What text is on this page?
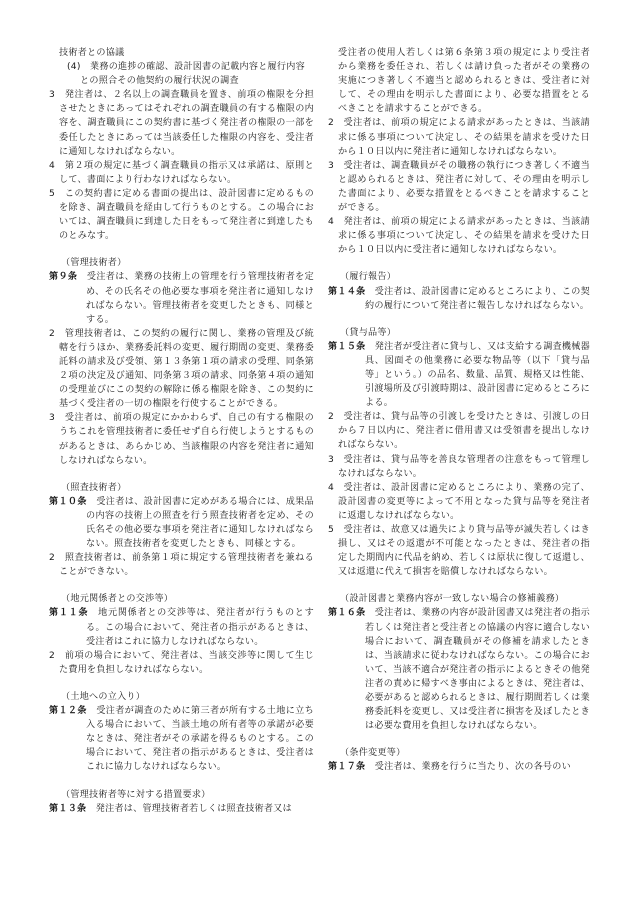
技術者との協議

(4)　 業務の進捗の確認、設計図書の記載内容と履行内容

との照合その他契約の履行状況の調査

3　発注者は、２名以上の調査職員を置き、前項の権限を分担させたときにあってはそれぞれの調査職員の有する権限の内容を、調査職員にこの契約書に基づく発注者の権限の一部を委任したときにあっては当該委任した権限の内容を、受注者に通知しなければならない。

4　第２項の規定に基づく調査職員の指示又は承諾は、原則として、書面により行わなければならない。

5　この契約書に定める書面の提出は、設計図書に定めるものを除き、調査職員を経由して行うものとする。この場合においては、調査職員に到達した日をもって発注者に到達したものとみなす。

（管理技術者）

第９条　受注者は、業務の技術上の管理を行う管理技術者を定め、その氏名その他必要な事項を発注者に通知しなければならない。管理技術者を変更したときも、同様とする。

2　管理技術者は、この契約の履行に関し、業務の管理及び統轄を行うほか、業務委託料の変更、履行期間の変更、業務委託料の請求及び受領、第１３条第１項の請求の受理、同条第２項の決定及び通知、同条第３項の請求、同条第４項の通知の受理並びにこの契約の解除に係る権限を除き、この契約に基づく受注者の一切の権限を行使することができる。

3　受注者は、前項の規定にかかわらず、自己の有する権限のうちこれを管理技術者に委任せず自ら行使しようとするものがあるときは、あらかじめ、当該権限の内容を発注者に通知しなければならない。

（照査技術者）

第１０条　受注者は、設計図書に定めがある場合には、成果品の内容の技術上の照査を行う照査技術者を定め、その氏名その他必要な事項を発注者に通知しなければならない。照査技術者を変更したときも、同様とする。

2　照査技術者は、前条第１項に規定する管理技術者を兼ねることができない。

（地元関係者との交渉等）

第１１条　地元関係者との交渉等は、発注者が行うものとする。この場合において、発注者の指示があるときは、受注者はこれに協力しなければならない。

2　前項の場合において、発注者は、当該交渉等に関して生じた費用を負担しなければならない。

（土地への立入り）

第１２条　受注者が調査のために第三者が所有する土地に立ち入る場合において、当該土地の所有者等の承諾が必要なときは、発注者がその承諾を得るものとする。この場合において、発注者の指示があるときは、受注者はこれに協力しなければならない。

（管理技術者等に対する措置要求）

第１３条　発注者は、管理技術者若しくは照査技術者又は

受注者の使用人若しくは第６条第３項の規定により受注者から業務を委任され、若しくは請け負った者がその業務の実施につき著しく不適当と認められるときは、受注者に対して、その理由を明示した書面により、必要な措置をとるべきことを請求することができる。

2　受注者は、前項の規定による請求があったときは、当該請求に係る事項について決定し、その結果を請求を受けた日から１０日以内に発注者に通知しなければならない。

3　受注者は、調査職員がその職務の執行につき著しく不適当と認められるときは、発注者に対して、その理由を明示した書面により、必要な措置をとるべきことを請求することができる。

4　発注者は、前項の規定による請求があったときは、当該請求に係る事項について決定し、その結果を請求を受けた日から１０日以内に受注者に通知しなければならない。

（履行報告）

第１４条　受注者は、設計図書に定めるところにより、この契約の履行について発注者に報告しなければならない。

（貸与品等）

第１５条　発注者が受注者に貸与し、又は支給する調査機械器具、図面その他業務に必要な物品等（以下「貸与品等」という。）の品名、数量、品質、規格又は性能、引渡場所及び引渡時期は、設計図書に定めるところによる。

2　受注者は、貸与品等の引渡しを受けたときは、引渡しの日から７日以内に、発注者に借用書又は受領書を提出しなければならない。

3　受注者は、貸与品等を善良な管理者の注意をもって管理しなければならない。

4　受注者は、設計図書に定めるところにより、業務の完了、設計図書の変更等によって不用となった貸与品等を発注者に返還しなければならない。

5　受注者は、故意又は過失により貸与品等が滅失若しくはき損し、又はその返還が不可能となったときは、発注者の指定した期間内に代品を納め、若しくは原状に復して返還し、又は返還に代えて損害を賠償しなければならない。

（設計図書と業務内容が一致しない場合の修補義務）

第１６条　受注者は、業務の内容が設計図書又は発注者の指示若しくは発注者と受注者との協議の内容に適合しない場合において、調査職員がその修補を請求したときは、当該請求に従わなければならない。この場合において、当該不適合が発注者の指示によるときその他発注者の責めに帰すべき事由によるときは、発注者は、必要があると認められるときは、履行期間若しくは業務委託料を変更し、又は受注者に損害を及ぼしたときは必要な費用を負担しなければならない。

（条件変更等）

第１７条　受注者は、業務を行うに当たり、次の各号のい
